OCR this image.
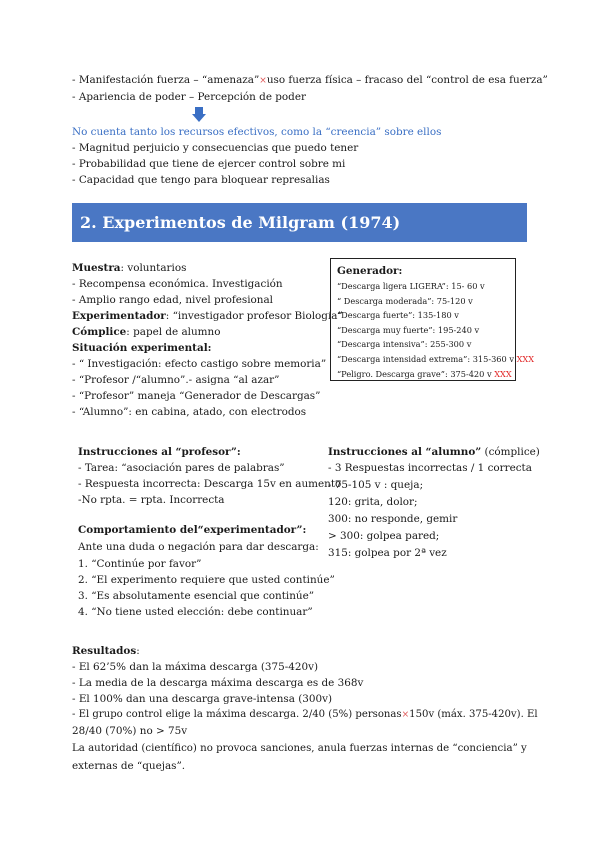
- Manifestación fuerza – “amenaza”×uso fuerza física – fracaso del “control de esa fuerza”
- Apariencia de poder – Percepción de poder
No cuenta tanto los recursos efectivos, como la “creencia” sobre ellos
- Magnitud perjuicio y consecuencias que puedo tener
- Probabilidad que tiene de ejercer control sobre mi
- Capacidad que tengo para bloquear represalias
2. Experimentos de Milgram (1974)
Muestra: voluntarios
- Recompensa económica. Investigación
- Amplio rango edad, nivel profesional
Experimentador: “investigador profesor Biología”
Cómplice: papel de alumno
Situación experimental:
- “ Investigación: efecto castigo sobre memoria”
- “Profesor /“alumno”.- asigna “al azar”
- “Profesor” maneja “Generador de Descargas”
- “Alumno”: en cabina, atado, con electrodos
Generador:
“Descarga ligera LIGERA”: 15- 60 v
“ Descarga moderada”: 75-120 v
“Descarga fuerte”: 135-180 v
“Descarga muy fuerte”: 195-240 v
“Descarga intensiva”: 255-300 v
“Descarga intensidad extrema”: 315-360 v XXX
“Peligro. Descarga grave”: 375-420 v XXX
Instrucciones al “profesor”:
- Tarea: “asociación pares de palabras”
- Respuesta incorrecta: Descarga 15v en aumento
-No rpta. = rpta. Incorrecta
Comportamiento del“experimentador”:
Ante una duda o negación para dar descarga:
1. “Continúe por favor”
2. “El experimento requiere que usted continúe”
3. “Es absolutamente esencial que continúe”
4. “No tiene usted elección: debe continuar”
Instrucciones al “alumno” (cómplice)
- 3 Respuestas incorrectas / 1 correcta
- 75-105 v : queja;
120: grita, dolor;
300: no responde, gemir
> 300: golpea pared;
315: golpea por 2ª vez
Resultados:
- El 62’5% dan la máxima descarga (375-420v)
- La media de la descarga máxima descarga es de 368v
- El 100% dan una descarga grave-intensa (300v)
- El grupo control elige la máxima descarga. 2/40 (5%) personas×150v (máx. 375-420v). El
28/40 (70%) no > 75v
La autoridad (científico) no provoca sanciones, anula fuerzas internas de “conciencia” y
externas de “quejas”.
